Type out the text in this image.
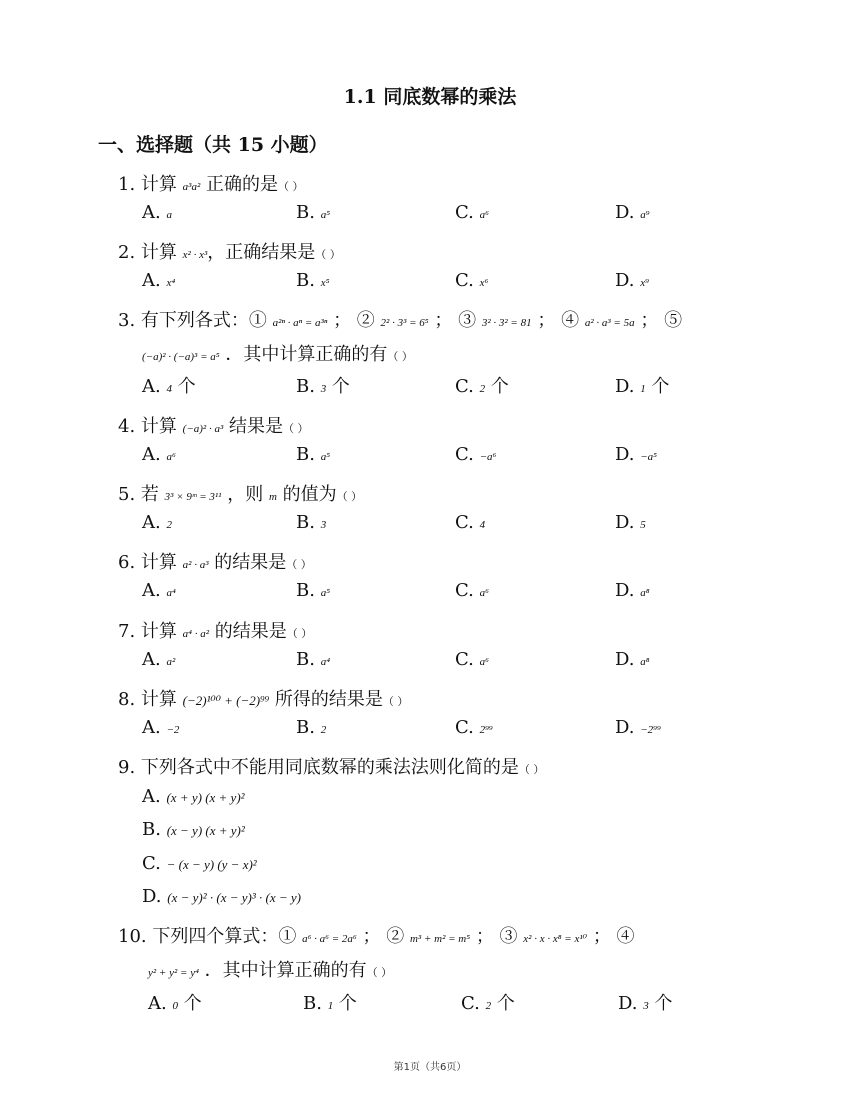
1.1 同底数幂的乘法
一、选择题（共 15 小题）
1. 计算 a³a² 正确的是（ ）
A. a	B. a⁵	C. a⁶	D. a⁹
2. 计算 x² · x³，正确结果是（ ）
A. x⁴	B. x⁵	C. x⁶	D. x⁹
3. 有下列各式：① a²ⁿ · aⁿ = a³ⁿ ； ② 2² · 3³ = 6⁵ ； ③ 3² · 3² = 81 ； ④ a² · a³ = 5a ； ⑤
(−a)² · (−a)³ = a⁵ ．其中计算正确的有（ ）
A. 4 个	B. 3 个	C. 2 个	D. 1 个
4. 计算 (−a)² · a³ 结果是（ ）
A. a⁶	B. a⁵	C. −a⁶	D. −a⁵
5. 若 3³ × 9ᵐ = 3¹¹ ，则 m 的值为（ ）
A. 2	B. 3	C. 4	D. 5
6. 计算 a² · a³ 的结果是（ ）
A. a⁴	B. a⁵	C. a⁶	D. a⁸
7. 计算 a⁴ · a² 的结果是（ ）
A. a²	B. a⁴	C. a⁶	D. a⁸
8. 计算 (−2)¹⁰⁰ + (−2)⁹⁹ 所得的结果是（ ）
A. −2	B. 2	C. 2⁹⁹	D. −2⁹⁹
9. 下列各式中不能用同底数幂的乘法法则化简的是（ ）
A. (x + y) (x + y)²
B. (x − y) (x + y)²
C. − (x − y) (y − x)²
D. (x − y)² · (x − y)³ · (x − y)
10. 下列四个算式：① a⁶ · a⁶ = 2a⁶ ； ② m³ + m² = m⁵ ； ③ x² · x · x⁸ = x¹⁰ ； ④
y² + y² = y⁴ ．其中计算正确的有（ ）
A. 0 个	B. 1 个	C. 2 个	D. 3 个
第1页（共6页）
